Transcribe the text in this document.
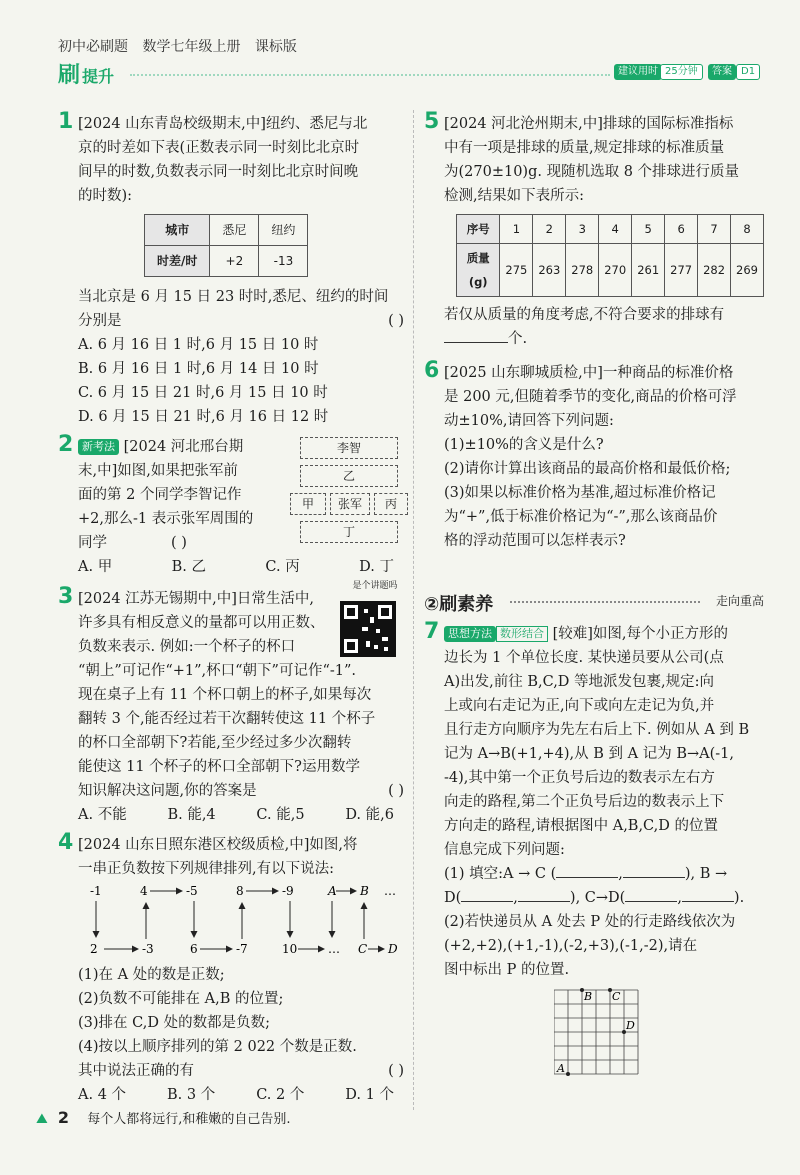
初中必刷题 数学七年级上册 课标版
刷 提升	建议用时 25分钟	答案 D1
1 [2024 山东青岛校级期末,中]纽约、悉尼与北
京的时差如下表(正数表示同一时刻比北京时
间早的时数,负数表示同一时刻比北京时间晚
的时数):
城市	悉尼	纽约
时差/时	+2	-13
当北京是 6 月 15 日 23 时时,悉尼、纽约的时间
分别是	( )
A. 6 月 16 日 1 时,6 月 15 日 10 时
B. 6 月 16 日 1 时,6 月 14 日 10 时
C. 6 月 15 日 21 时,6 月 15 日 10 时
D. 6 月 15 日 21 时,6 月 16 日 12 时
2 新考法 [2024 河北邢台期
末,中]如图,如果把张军前
面的第 2 个同学李智记作
+2,那么-1 表示张军周围的
同学	( )
A. 甲	B. 乙	C. 丙	D. 丁
李智
乙
甲	张军	丙
丁
3 [2024 江苏无锡期中,中]日常生活中,
许多具有相反意义的量都可以用正数、
负数来表示. 例如:一个杯子的杯口
“朝上”可记作“+1”,杯口“朝下”可记作“-1”.
现在桌子上有 11 个杯口朝上的杯子,如果每次
翻转 3 个,能否经过若干次翻转使这 11 个杯子
的杯口全部朝下?若能,至少经过多少次翻转
能使这 11 个杯子的杯口全部朝下?运用数学
知识解决这问题,你的答案是	( )
A. 不能	B. 能,4	C. 能,5	D. 能,6
是个讲题吗
4 [2024 山东日照东港区校级质检,中]如图,将
一串正负数按下列规律排列,有以下说法:
-1
2	-3
4	-5
6	-7
8	-9
10	…
A B …
C D
(1)在 A 处的数是正数;
(2)负数不可能排在 A,B 的位置;
(3)排在 C,D 处的数都是负数;
(4)按以上顺序排列的第 2 022 个数是正数.
其中说法正确的有	( )
A. 4 个	B. 3 个	C. 2 个	D. 1 个
5 [2024 河北沧州期末,中]排球的国际标准指标
中有一项是排球的质量,规定排球的标准质量
为(270±10)g. 现随机选取 8 个排球进行质量
检测,结果如下表所示:
序号	1	2	3	4	5	6	7	8
质量(g)	275	263	278	270	261	277	282	269
若仅从质量的角度考虑,不符合要求的排球有
个.
6 [2025 山东聊城质检,中]一种商品的标准价格
是 200 元,但随着季节的变化,商品的价格可浮
动±10%,请回答下列问题:
(1)±10%的含义是什么?
(2)请你计算出该商品的最高价格和最低价格;
(3)如果以标准价格为基准,超过标准价格记
为“+”,低于标准价格记为“-”,那么该商品价
格的浮动范围可以怎样表示?
②刷素养	走向重高
7 思想方法 数形结合 [较难]如图,每个小正方形的
边长为 1 个单位长度. 某快递员要从公司(点
A)出发,前往 B,C,D 等地派发包裹,规定:向
上或向右走记为正,向下或向左走记为负,并
且行走方向顺序为先左右后上下. 例如从 A 到 B
记为 A→B(+1,+4),从 B 到 A 记为 B→A(-1,
-4),其中第一个正负号后边的数表示左右方
向走的路程,第二个正负号后边的数表示上下
方向走的路程,请根据图中 A,B,C,D 的位置
信息完成下列问题:
(1) 填空:A → C (	,	), B →
D(	,	), C→D(	,	).
(2)若快递员从 A 处去 P 处的行走路线依次为
(+2,+2),(+1,-1),(-2,+3),(-1,-2),请在
图中标出 P 的位置.
A
B C
D
⛰ 2 每个人都将远行,和稚嫩的自己告别.
